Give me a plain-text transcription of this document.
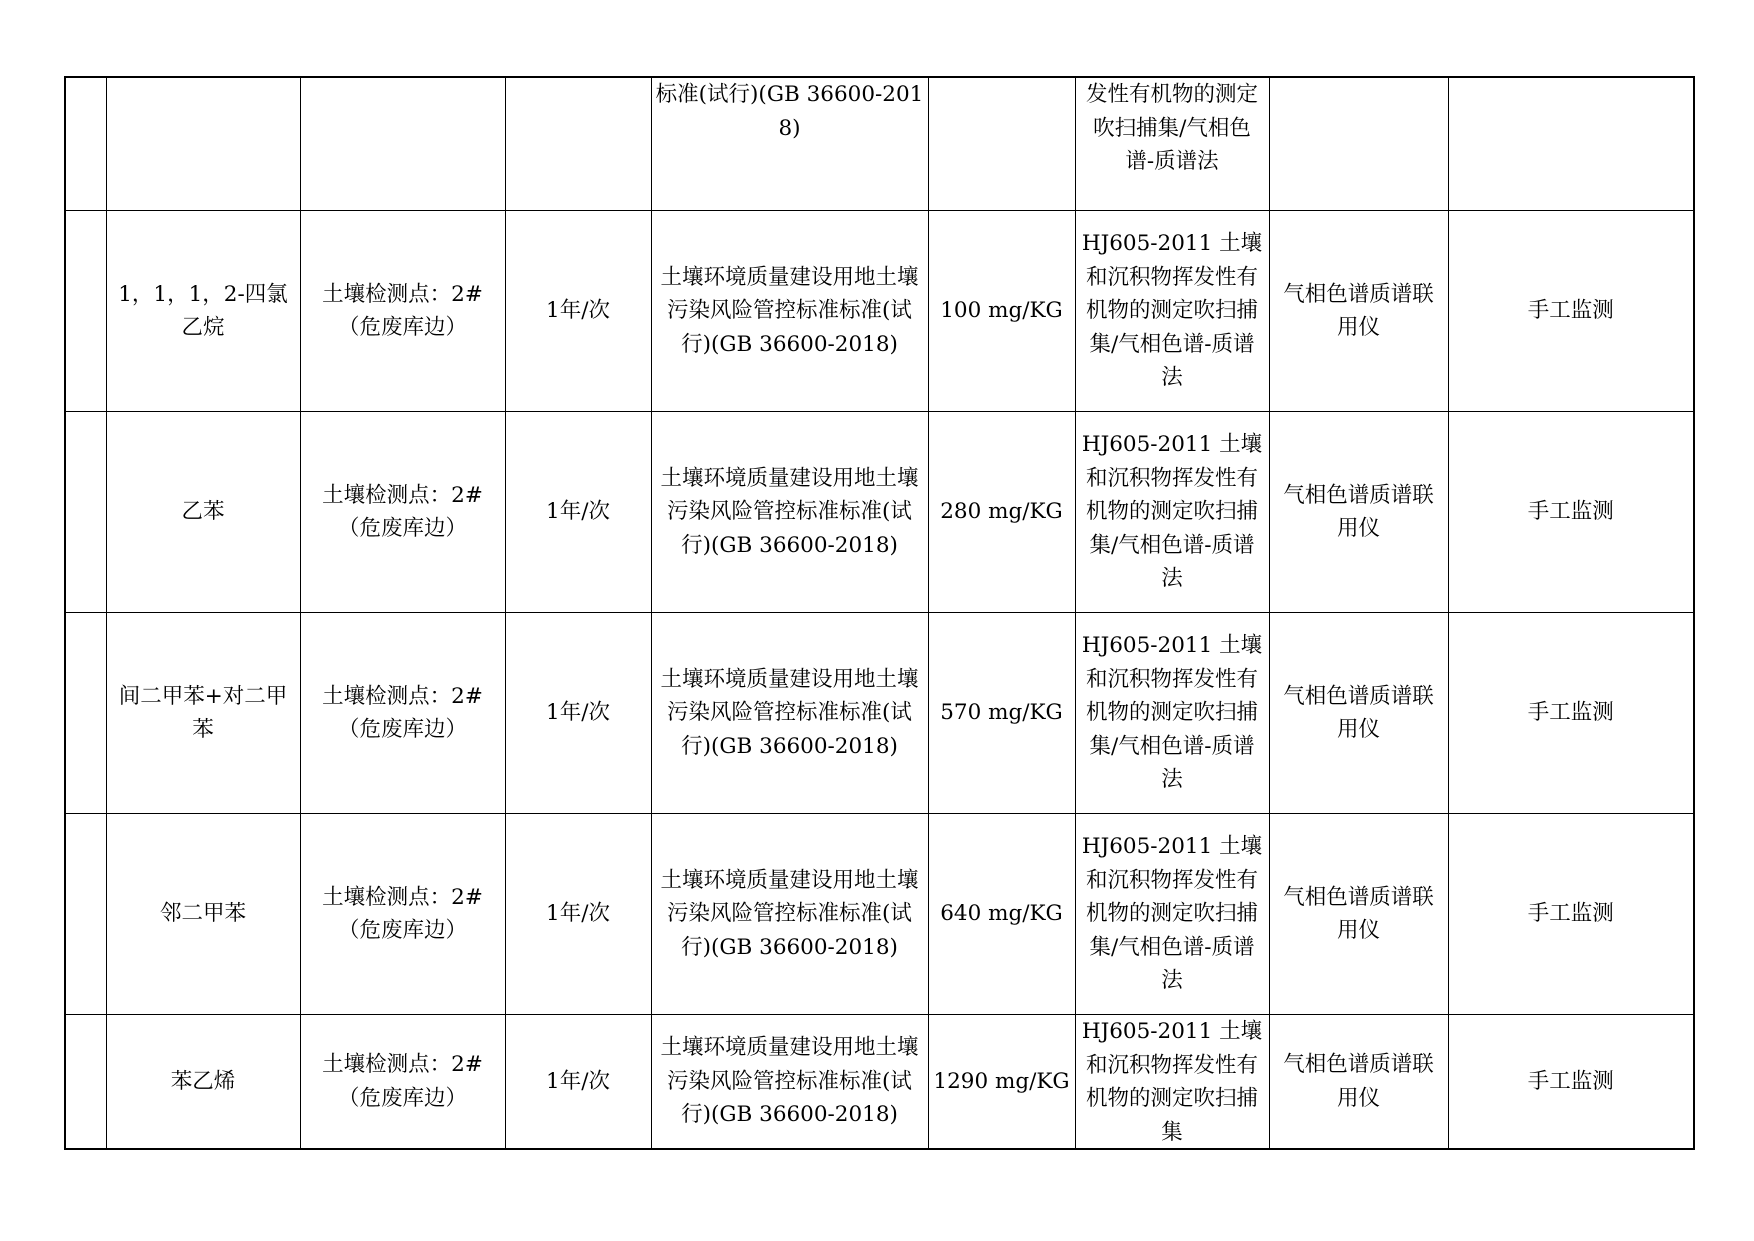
				标准(试行)(GB 36600-2018)		发性有机物的测定吹扫捕集/气相色谱-质谱法		

	1，1，1，2-四氯乙烷	土壤检测点：2#（危废库边）	1年/次	土壤环境质量建设用地土壤污染风险管控标准标准(试行)(GB 36600-2018)	100 mg/KG	HJ605-2011 土壤和沉积物挥发性有机物的测定吹扫捕集/气相色谱-质谱法	气相色谱质谱联用仪	手工监测
	乙苯	土壤检测点：2#（危废库边）	1年/次	土壤环境质量建设用地土壤污染风险管控标准标准(试行)(GB 36600-2018)	280 mg/KG	HJ605-2011 土壤和沉积物挥发性有机物的测定吹扫捕集/气相色谱-质谱法	气相色谱质谱联用仪	手工监测
	间二甲苯+对二甲苯	土壤检测点：2#（危废库边）	1年/次	土壤环境质量建设用地土壤污染风险管控标准标准(试行)(GB 36600-2018)	570 mg/KG	HJ605-2011 土壤和沉积物挥发性有机物的测定吹扫捕集/气相色谱-质谱法	气相色谱质谱联用仪	手工监测
	邻二甲苯	土壤检测点：2#（危废库边）	1年/次	土壤环境质量建设用地土壤污染风险管控标准标准(试行)(GB 36600-2018)	640 mg/KG	HJ605-2011 土壤和沉积物挥发性有机物的测定吹扫捕集/气相色谱-质谱法	气相色谱质谱联用仪	手工监测
	苯乙烯	土壤检测点：2#（危废库边）	1年/次	土壤环境质量建设用地土壤污染风险管控标准标准(试行)(GB 36600-2018)	1290 mg/KG	HJ605-2011 土壤和沉积物挥发性有机物的测定吹扫捕集	气相色谱质谱联用仪	手工监测
